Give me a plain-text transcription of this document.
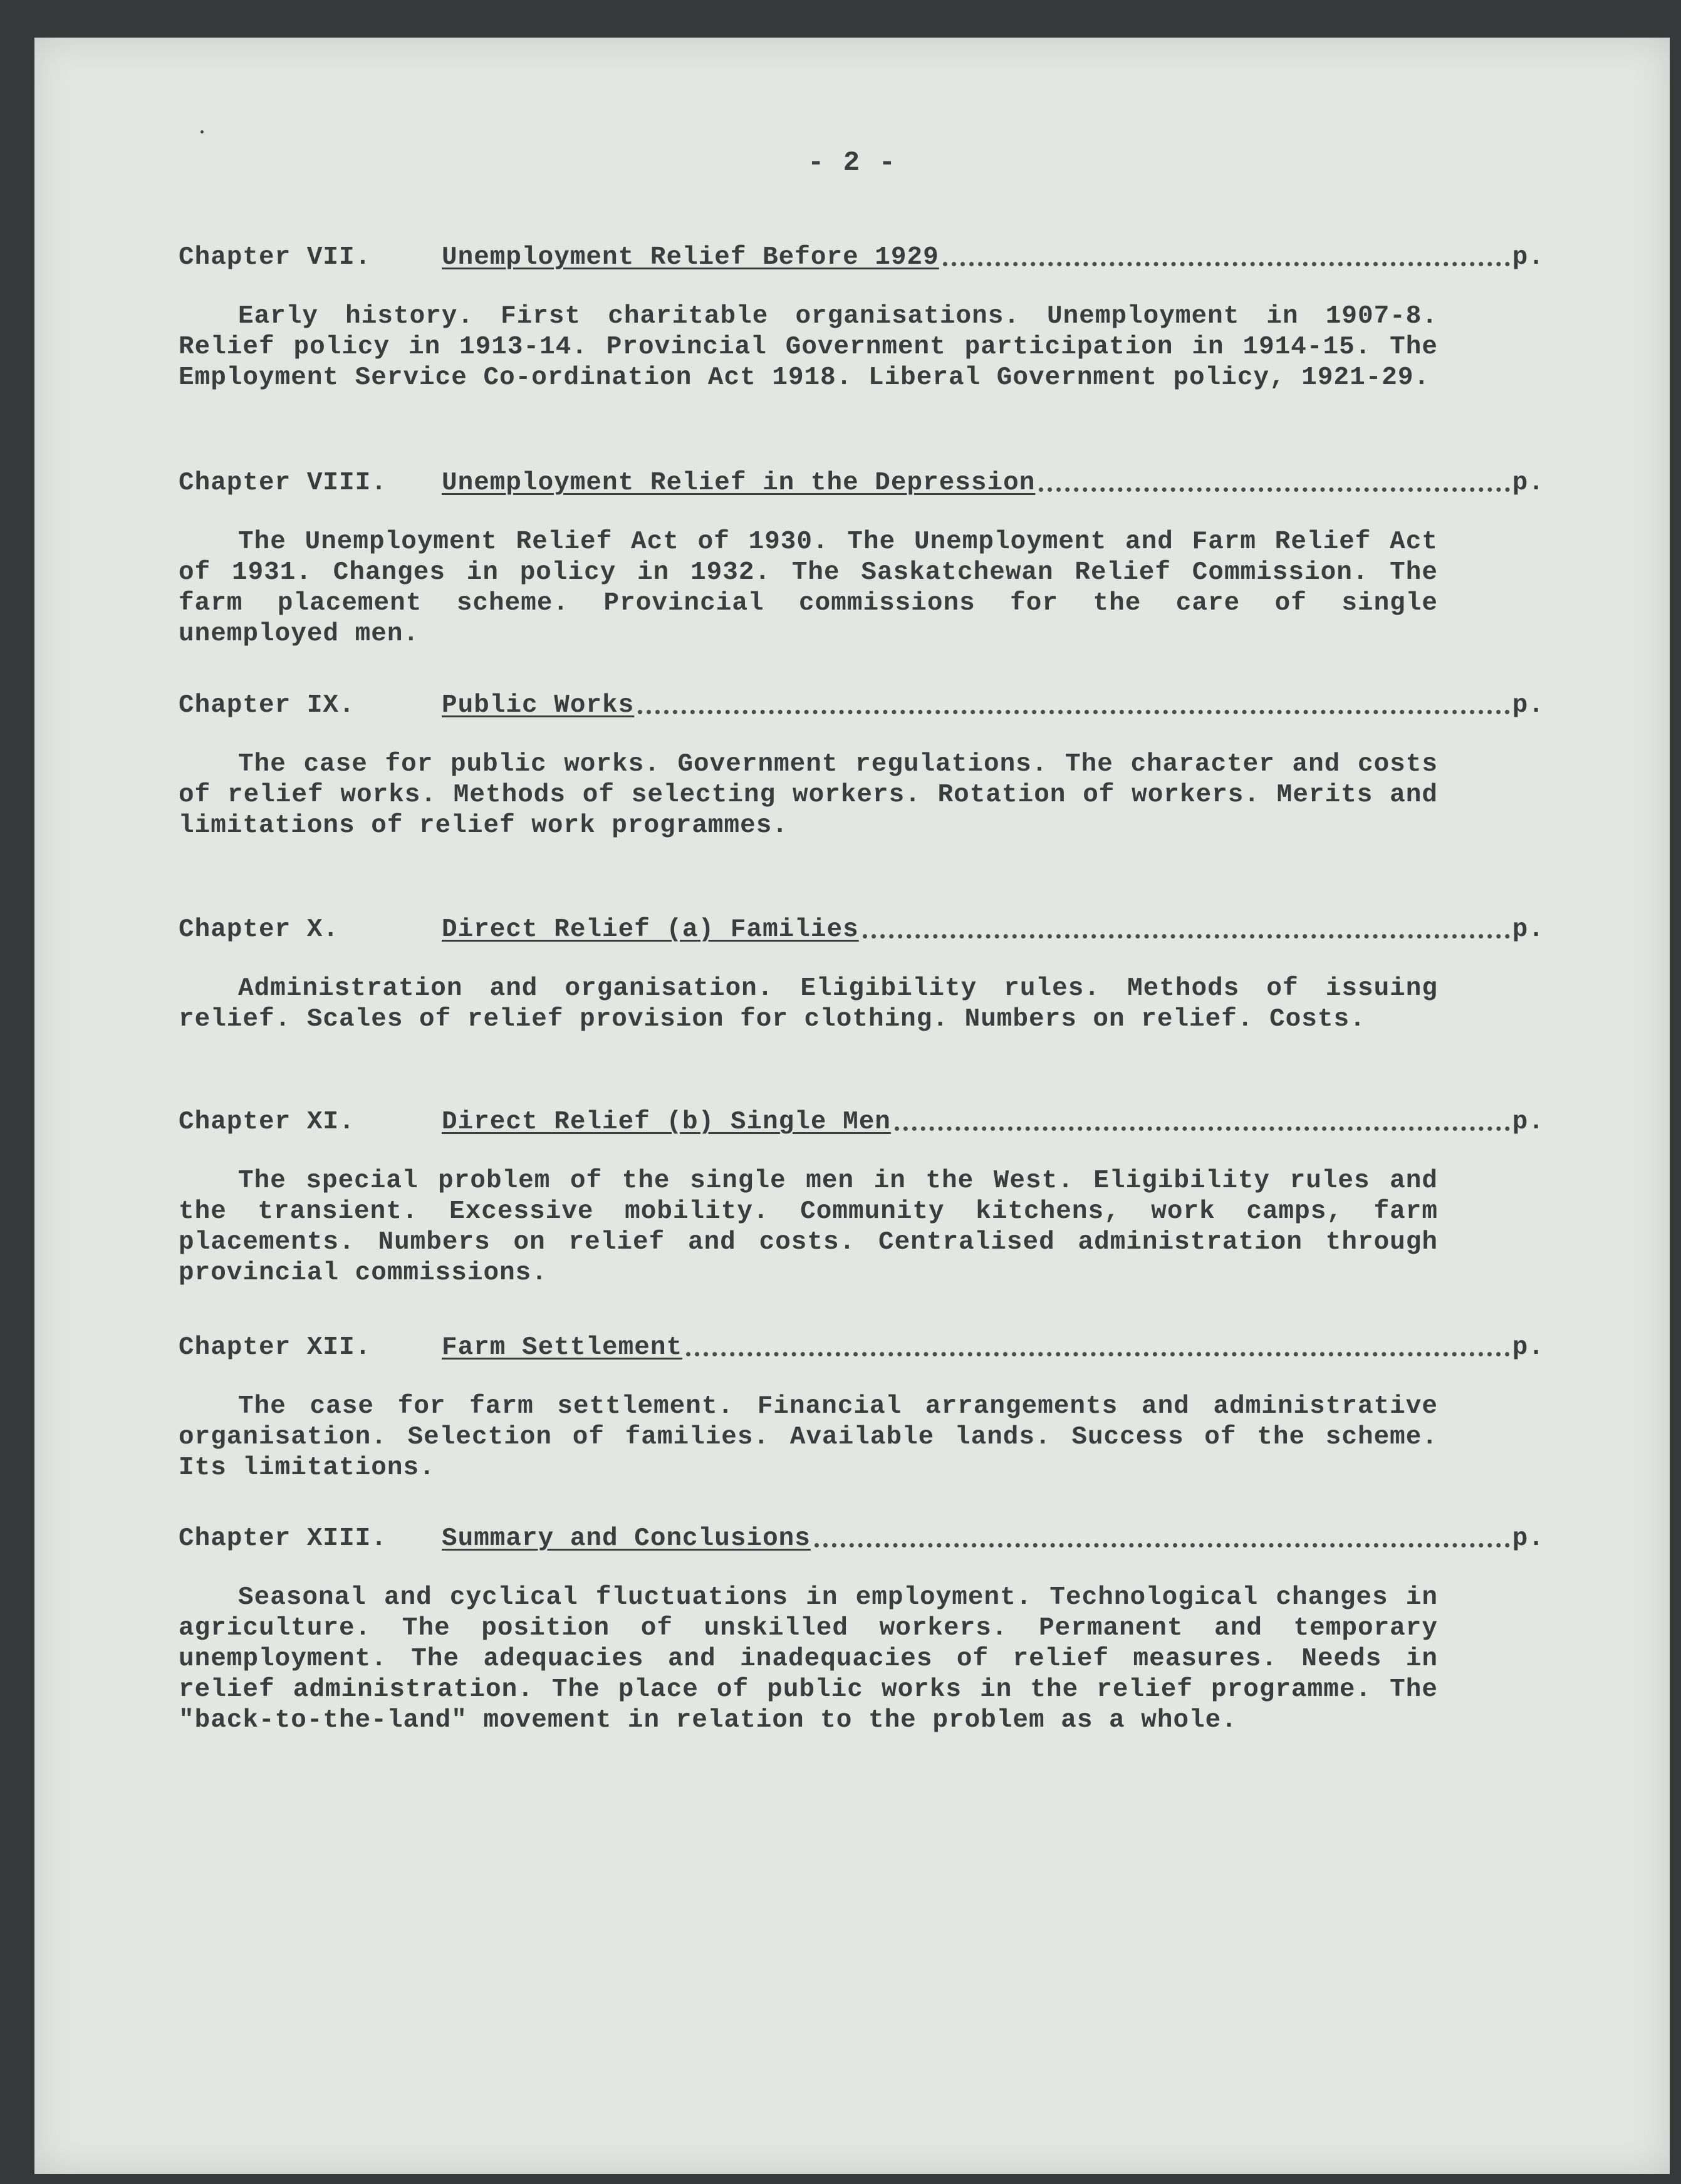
- 2 -
Chapter VII.	Unemployment Relief Before 1929	p.
Early history. First charitable organisations. Unemployment in 1907-8. Relief policy in 1913-14. Provincial Government participation in 1914-15. The Employment Service Co-ordination Act 1918. Liberal Government policy, 1921-29.
Chapter VIII.	Unemployment Relief in the Depression	p.
The Unemployment Relief Act of 1930. The Unemployment and Farm Relief Act of 1931. Changes in policy in 1932. The Saskatchewan Relief Commission. The farm placement scheme. Provincial commissions for the care of single unemployed men.
Chapter IX.	Public Works	p.
The case for public works. Government regulations. The character and costs of relief works. Methods of selecting workers. Rotation of workers. Merits and limitations of relief work programmes.
Chapter X.	Direct Relief (a) Families	p.
Administration and organisation. Eligibility rules. Methods of issuing relief. Scales of relief provision for clothing. Numbers on relief. Costs.
Chapter XI.	Direct Relief (b) Single Men	p.
The special problem of the single men in the West. Eligibility rules and the transient. Excessive mobility. Community kitchens, work camps, farm placements. Numbers on relief and costs. Centralised administration through provincial commissions.
Chapter XII.	Farm Settlement	p.
The case for farm settlement. Financial arrangements and administrative organisation. Selection of families. Available lands. Success of the scheme. Its limitations.
Chapter XIII.	Summary and Conclusions	p.
Seasonal and cyclical fluctuations in employment. Technological changes in agriculture. The position of unskilled workers. Permanent and temporary unemployment. The adequacies and inadequacies of relief measures. Needs in relief administration. The place of public works in the relief programme. The "back-to-the-land" movement in relation to the problem as a whole.
